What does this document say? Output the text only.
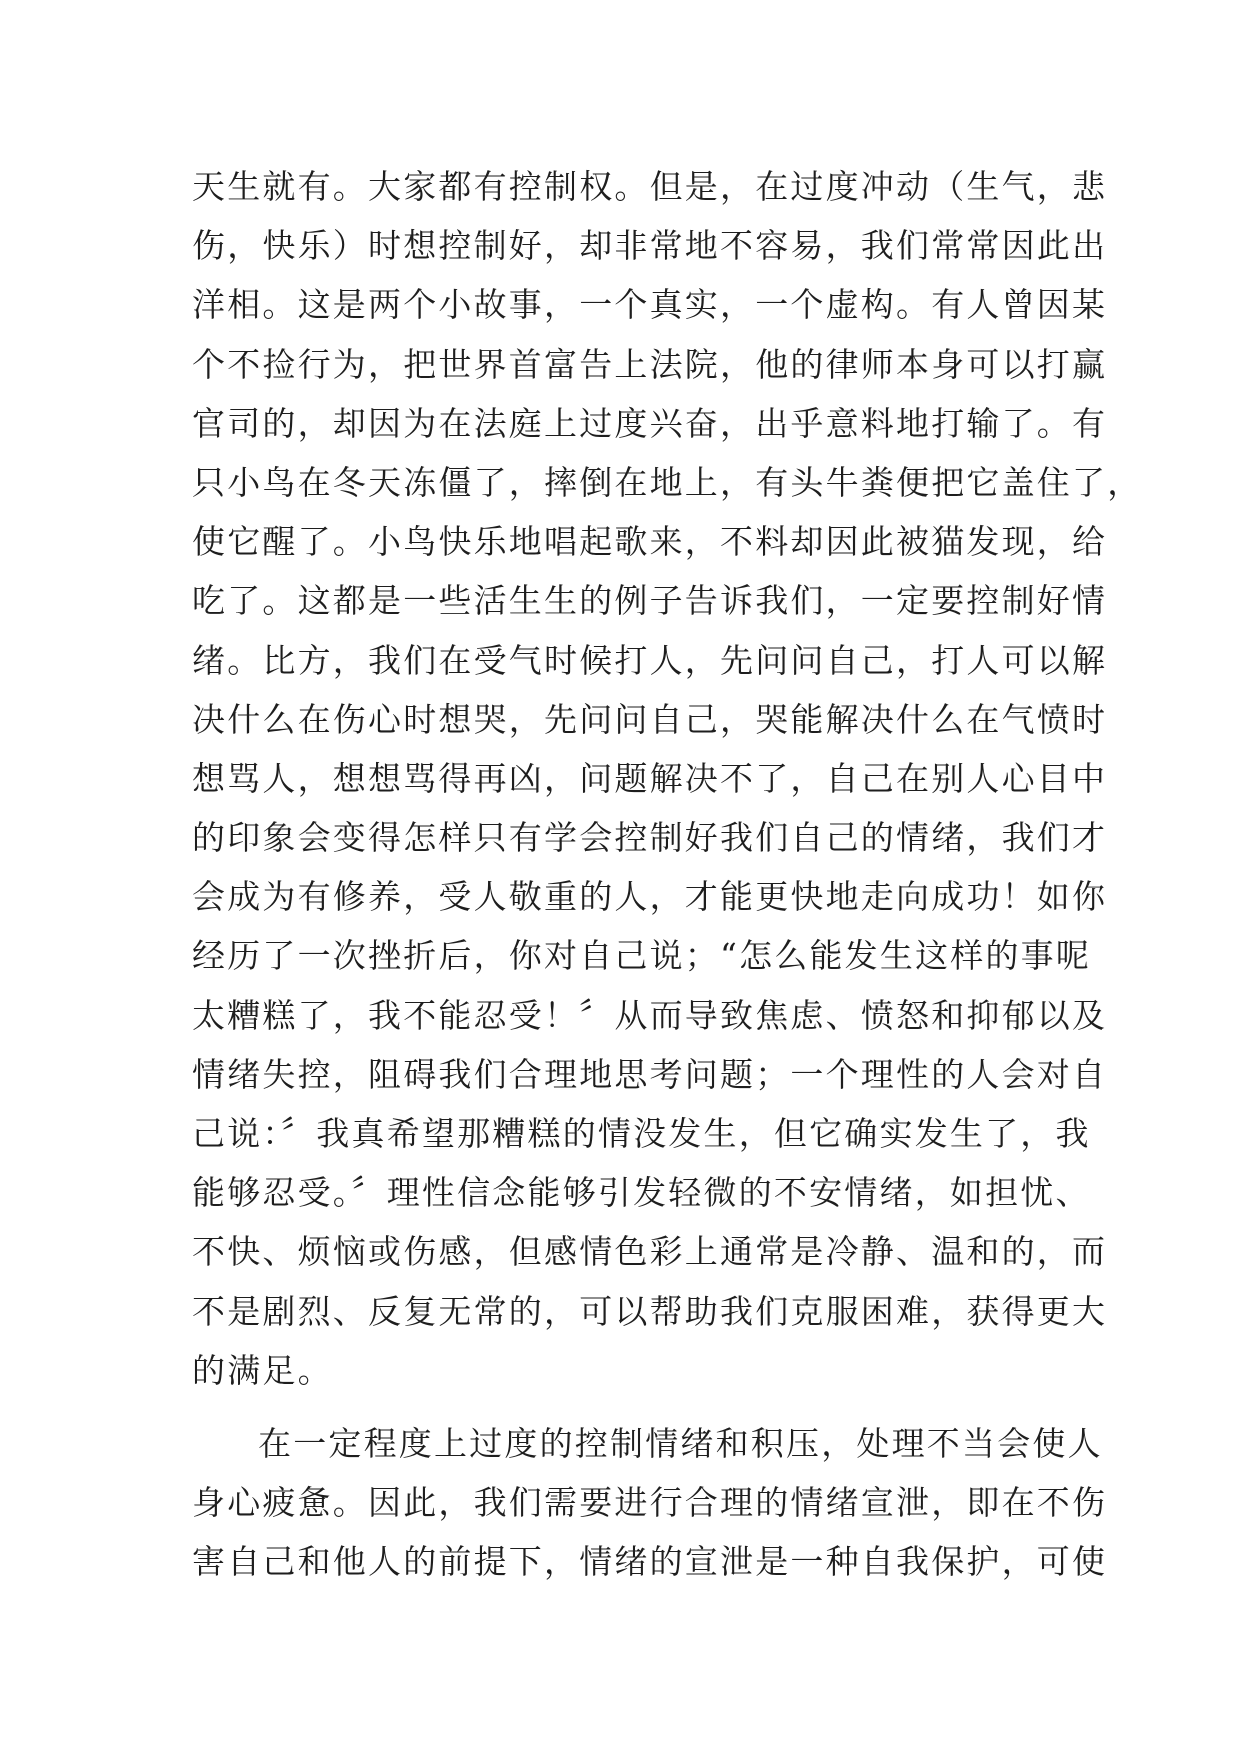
天生就有。大家都有控制权。但是，在过度冲动（生气，悲
伤，快乐）时想控制好，却非常地不容易，我们常常因此出
洋相。这是两个小故事，一个真实，一个虚构。有人曾因某
个不捡行为，把世界首富告上法院，他的律师本身可以打赢
官司的，却因为在法庭上过度兴奋，出乎意料地打输了。有
只小鸟在冬天冻僵了，摔倒在地上，有头牛粪便把它盖住了，
使它醒了。小鸟快乐地唱起歌来，不料却因此被猫发现，给
吃了。这都是一些活生生的例子告诉我们，一定要控制好情
绪。比方，我们在受气时候打人，先问问自己，打人可以解
决什么在伤心时想哭，先问问自己，哭能解决什么在气愤时
想骂人，想想骂得再凶，问题解决不了，自己在别人心目中
的印象会变得怎样只有学会控制好我们自己的情绪，我们才
会成为有修养，受人敬重的人，才能更快地走向成功！如你
经历了一次挫折后，你对自己说；“怎么能发生这样的事呢
太糟糕了，我不能忍受！〞从而导致焦虑、愤怒和抑郁以及
情绪失控，阻碍我们合理地思考问题；一个理性的人会对自
己说：〞我真希望那糟糕的情没发生，但它确实发生了，我
能够忍受。〞理性信念能够引发轻微的不安情绪，如担忧、
不快、烦恼或伤感，但感情色彩上通常是冷静、温和的，而
不是剧烈、反复无常的，可以帮助我们克服困难，获得更大
的满足。
在一定程度上过度的控制情绪和积压，处理不当会使人
身心疲惫。因此，我们需要进行合理的情绪宣泄，即在不伤
害自己和他人的前提下，情绪的宣泄是一种自我保护，可使
